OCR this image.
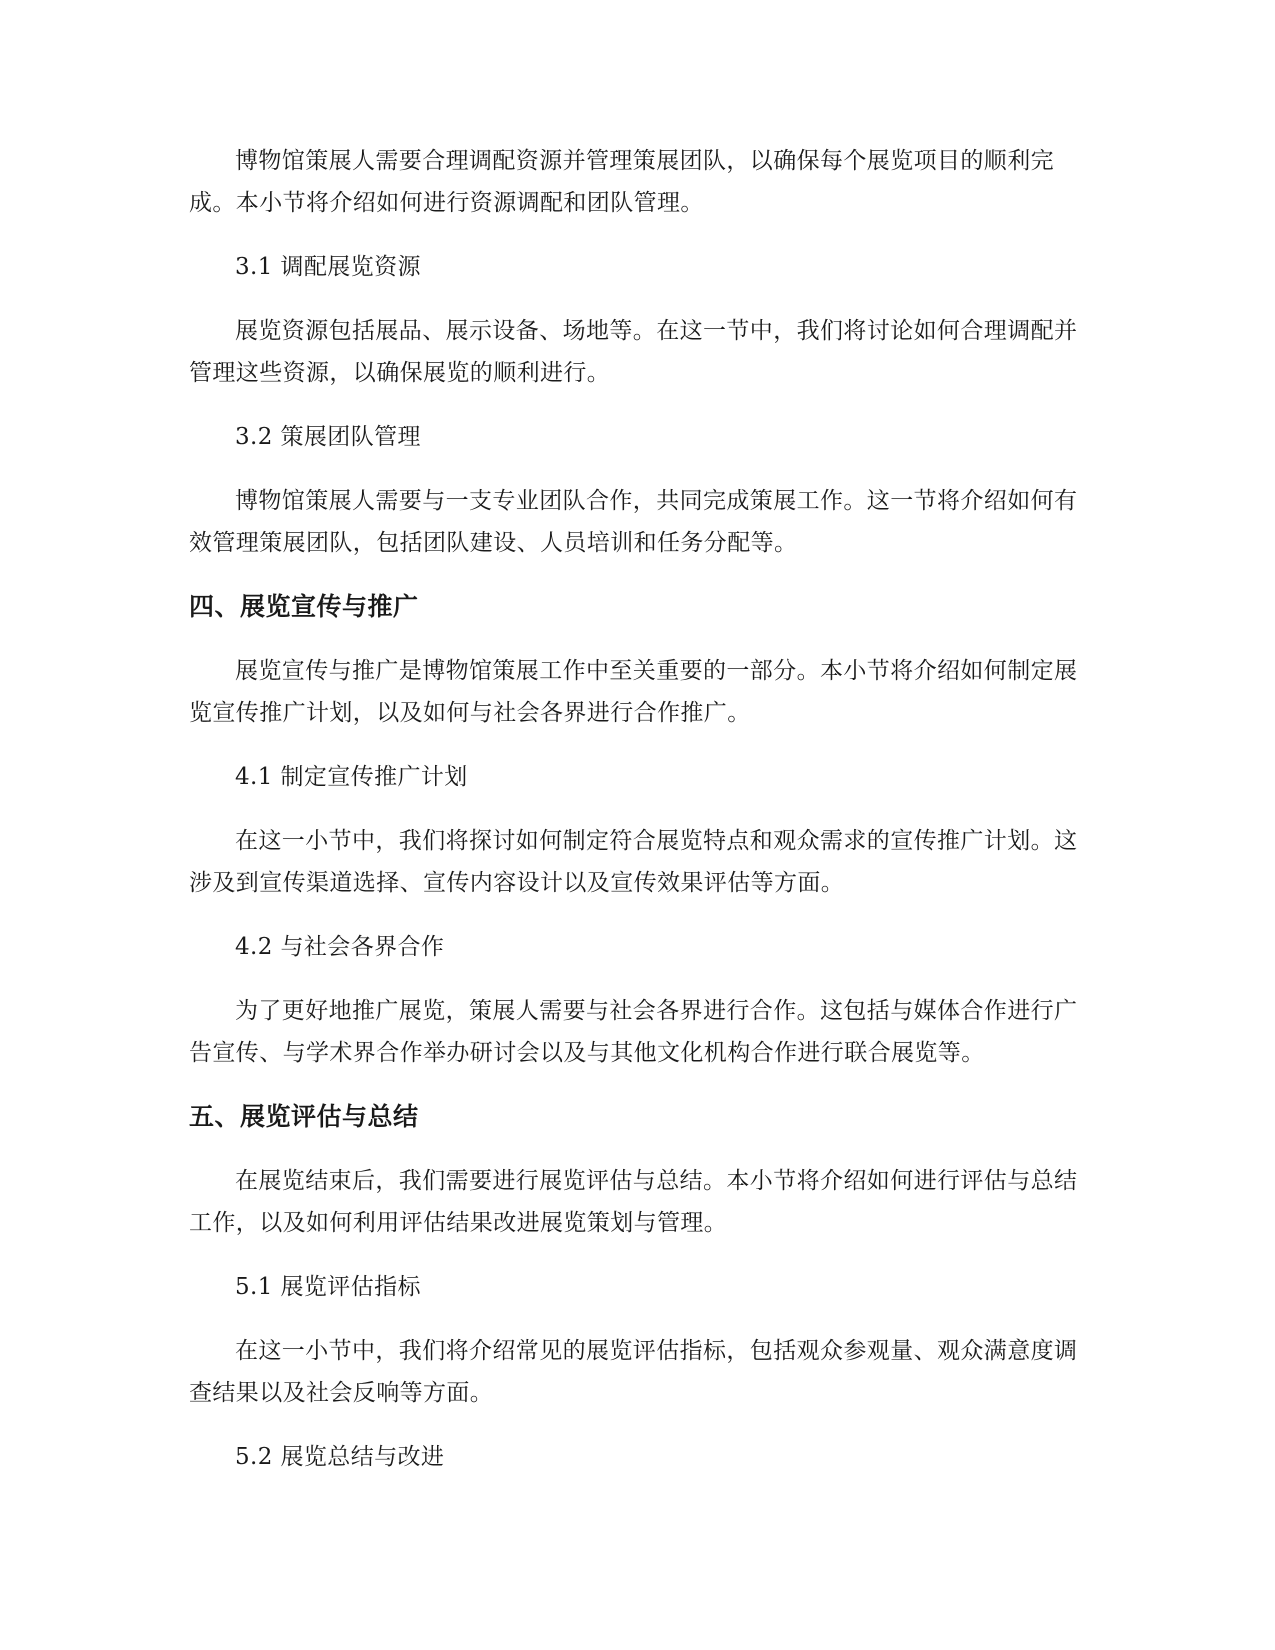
博物馆策展人需要合理调配资源并管理策展团队，以确保每个展览项目的顺利完成。本小节将介绍如何进行资源调配和团队管理。

3.1 调配展览资源

展览资源包括展品、展示设备、场地等。在这一节中，我们将讨论如何合理调配并管理这些资源，以确保展览的顺利进行。

3.2 策展团队管理

博物馆策展人需要与一支专业团队合作，共同完成策展工作。这一节将介绍如何有效管理策展团队，包括团队建设、人员培训和任务分配等。

四、展览宣传与推广

展览宣传与推广是博物馆策展工作中至关重要的一部分。本小节将介绍如何制定展览宣传推广计划，以及如何与社会各界进行合作推广。

4.1 制定宣传推广计划

在这一小节中，我们将探讨如何制定符合展览特点和观众需求的宣传推广计划。这涉及到宣传渠道选择、宣传内容设计以及宣传效果评估等方面。

4.2 与社会各界合作

为了更好地推广展览，策展人需要与社会各界进行合作。这包括与媒体合作进行广告宣传、与学术界合作举办研讨会以及与其他文化机构合作进行联合展览等。

五、展览评估与总结

在展览结束后，我们需要进行展览评估与总结。本小节将介绍如何进行评估与总结工作，以及如何利用评估结果改进展览策划与管理。

5.1 展览评估指标

在这一小节中，我们将介绍常见的展览评估指标，包括观众参观量、观众满意度调查结果以及社会反响等方面。

5.2 展览总结与改进
